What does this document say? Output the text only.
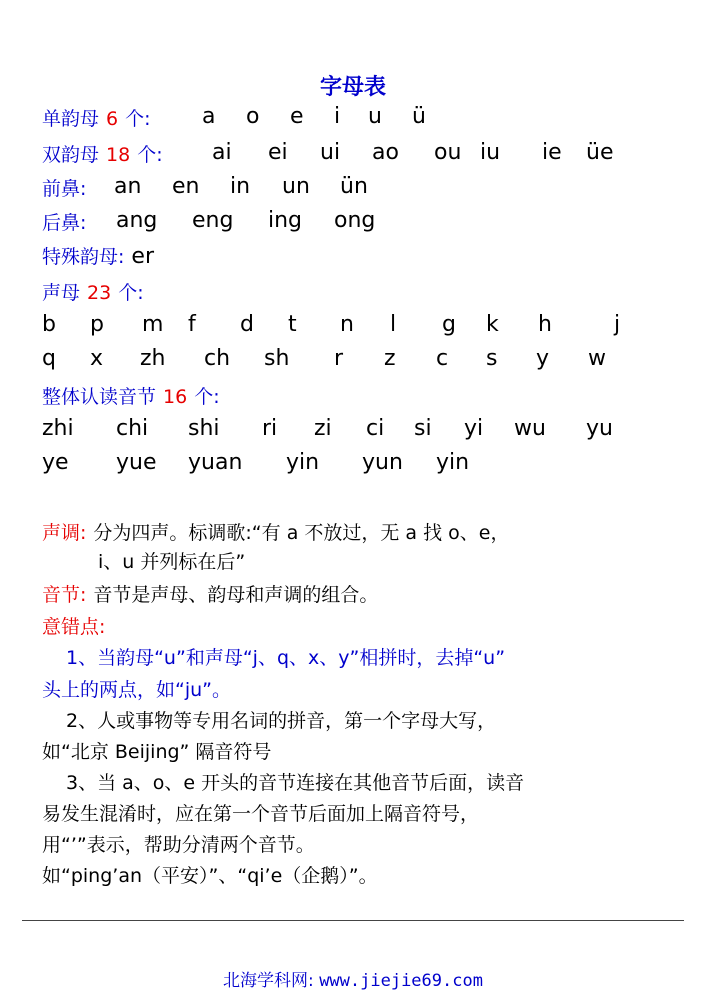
字母表
单韵母 6 个: a o e i u ü
双韵母 18 个: ai ei ui ao ou iu ie üe
前鼻: an en in un ün
后鼻: ang eng ing ong
特殊韵母: er
声母 23 个:
b p m f d t n l g k h	j
q x zh ch sh r z c s y w
整体认读音节 16 个:
zhi chi shi ri zi ci si yi wu yu
ye yue yuan yin yun yin
声调: 分为四声。标调歌:“有 a 不放过，无 a 找 o、e，
i、u 并列标在后”
音节: 音节是声母、韵母和声调的组合。
意错点:
1、当韵母“u”和声母“j、q、x、y”相拼时，去掉“u”
头上的两点，如“ju”。
2、人或事物等专用名词的拼音，第一个字母大写，
如“北京 Beijing” 隔音符号
3、当 a、o、e 开头的音节连接在其他音节后面，读音
易发生混淆时，应在第一个音节后面加上隔音符号，
用“’”表示，帮助分清两个音节。
如“ping’an（平安）”、“qi’e（企鹅）”。
北海学科网: www.jiejie69.com
